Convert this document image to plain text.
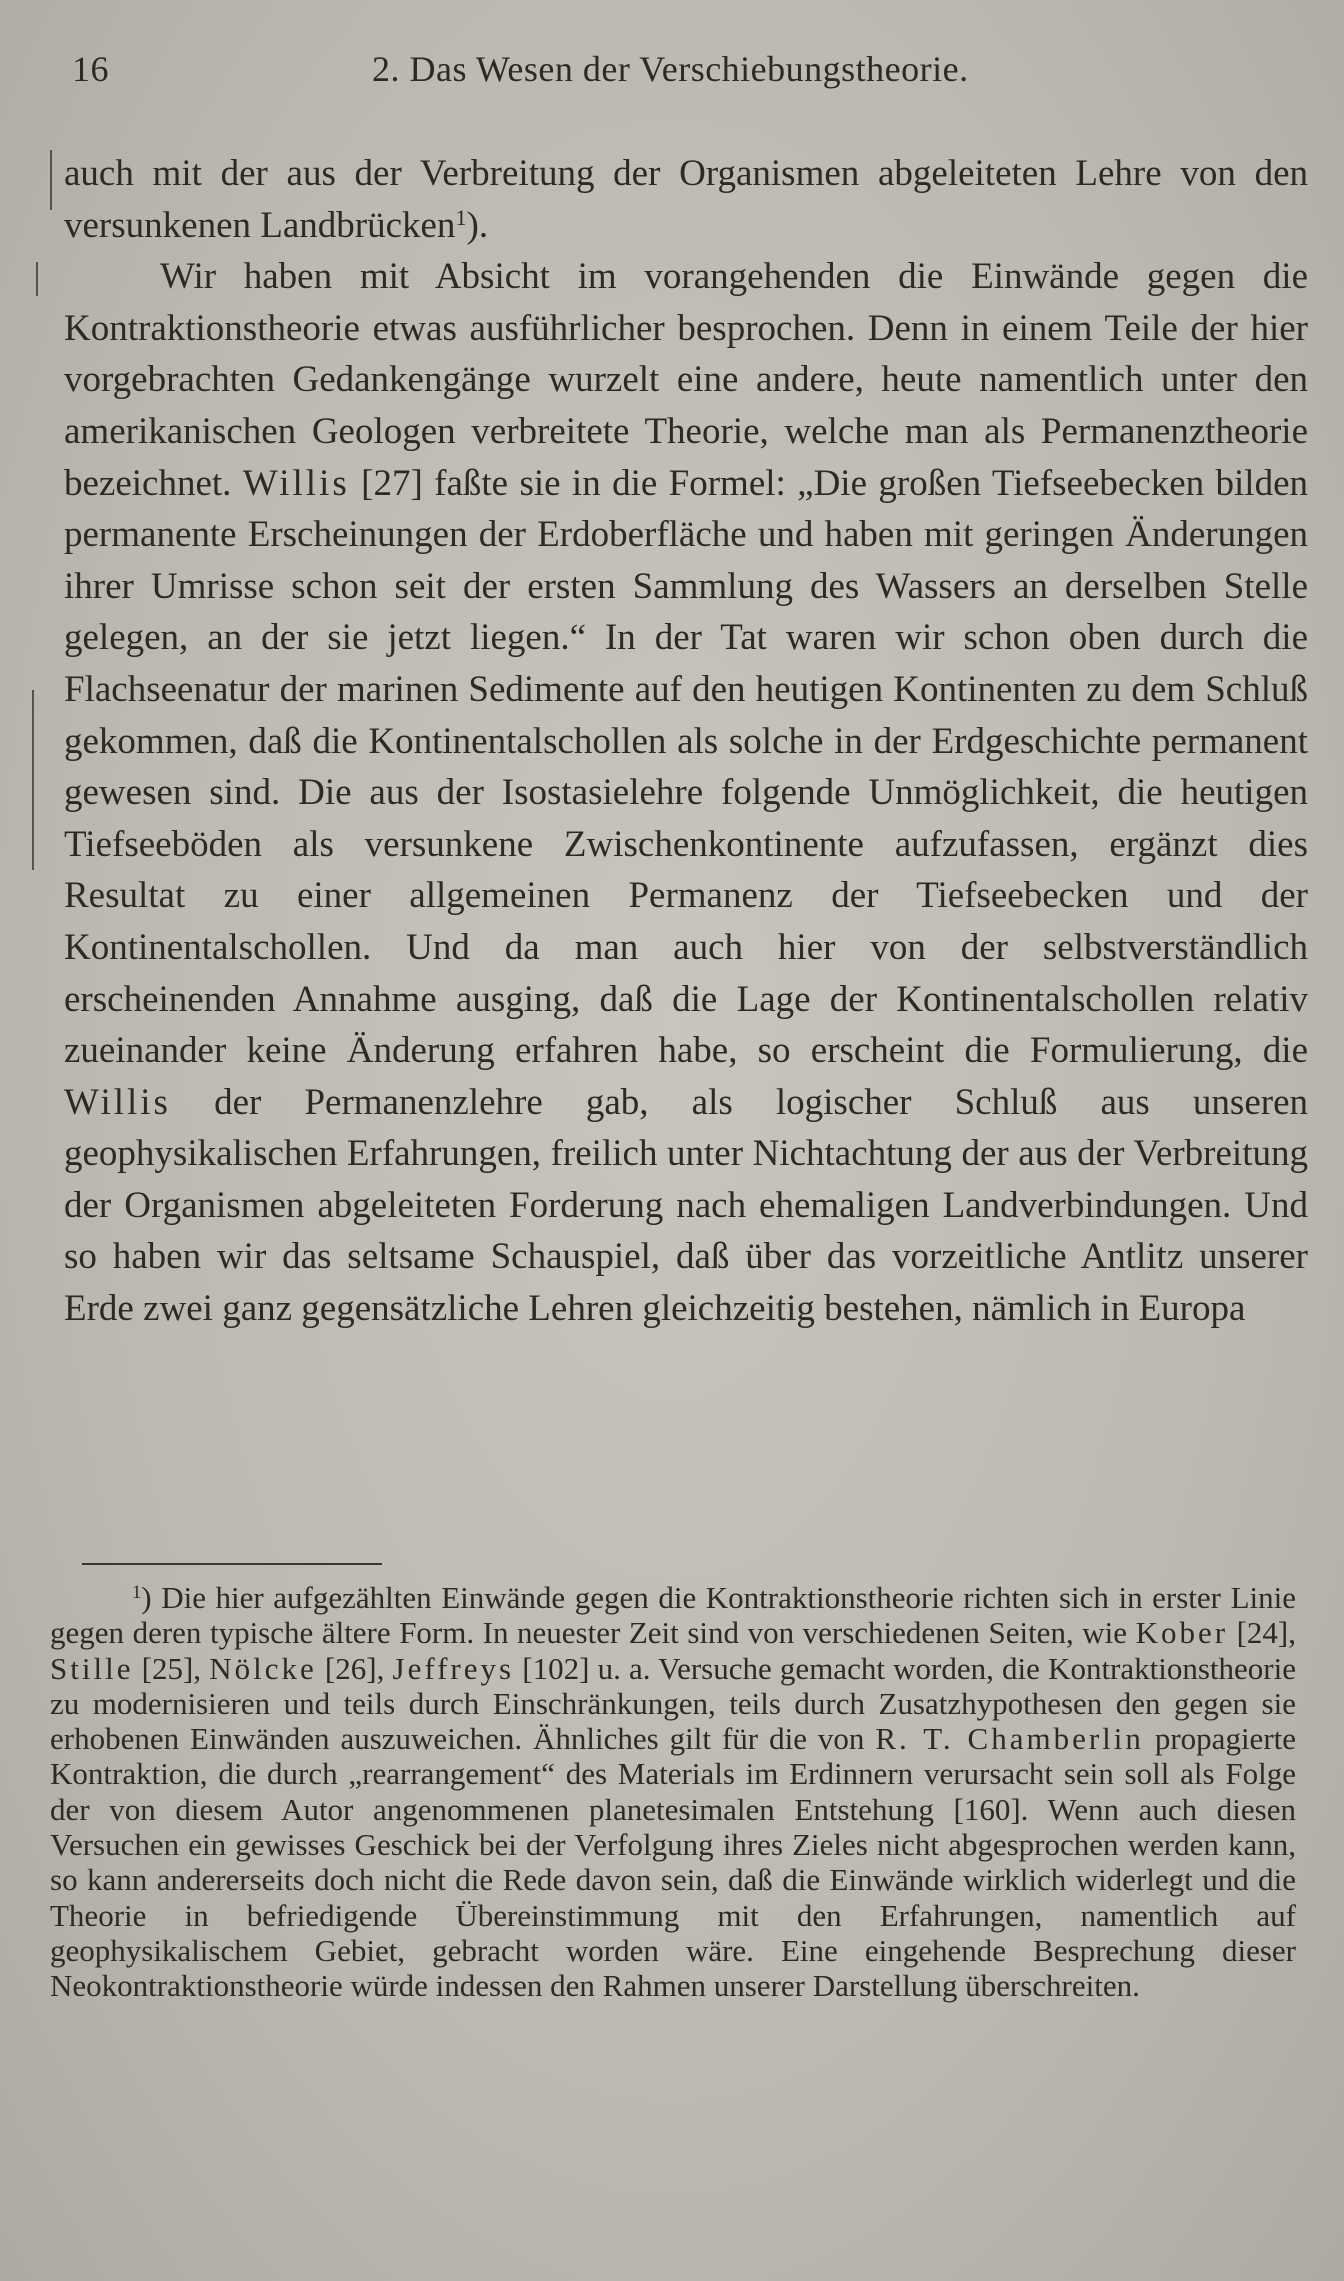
16	2. Das Wesen der Verschiebungstheorie.

auch mit der aus der Verbreitung der Organismen abgeleiteten Lehre von den versunkenen Landbrücken$^1$).

Wir haben mit Absicht im vorangehenden die Einwände gegen die Kontraktionstheorie etwas ausführlicher besprochen. Denn in einem Teile der hier vorgebrachten Gedankengänge wurzelt eine andere, heute namentlich unter den amerikanischen Geologen verbreitete Theorie, welche man als Permanenztheorie bezeichnet. Willis [27] faßte sie in die Formel: „Die großen Tiefseebecken bilden permanente Erscheinungen der Erdoberfläche und haben mit geringen Änderungen ihrer Umrisse schon seit der ersten Sammlung des Wassers an derselben Stelle gelegen, an der sie jetzt liegen.“ In der Tat waren wir schon oben durch die Flachseenatur der marinen Sedimente auf den heutigen Kontinenten zu dem Schluß gekommen, daß die Kontinentalschollen als solche in der Erdgeschichte permanent gewesen sind. Die aus der Isostasielehre folgende Unmöglichkeit, die heutigen Tiefseeböden als versunkene Zwischenkontinente aufzufassen, ergänzt dies Resultat zu einer allgemeinen Permanenz der Tiefseebecken und der Kontinentalschollen. Und da man auch hier von der selbstverständlich erscheinenden Annahme ausging, daß die Lage der Kontinentalschollen relativ zueinander keine Änderung erfahren habe, so erscheint die Formulierung, die Willis der Permanenzlehre gab, als logischer Schluß aus unseren geophysikalischen Erfahrungen, freilich unter Nichtachtung der aus der Verbreitung der Organismen abgeleiteten Forderung nach ehemaligen Landverbindungen. Und so haben wir das seltsame Schauspiel, daß über das vorzeitliche Antlitz unserer Erde zwei ganz gegensätzliche Lehren gleichzeitig bestehen, nämlich in Europa

$^1$) Die hier aufgezählten Einwände gegen die Kontraktionstheorie richten sich in erster Linie gegen deren typische ältere Form. In neuester Zeit sind von verschiedenen Seiten, wie Kober [24], Stille [25], Nölcke [26], Jeffreys [102] u. a. Versuche gemacht worden, die Kontraktionstheorie zu modernisieren und teils durch Einschränkungen, teils durch Zusatzhypothesen den gegen sie erhobenen Einwänden auszuweichen. Ähnliches gilt für die von R. T. Chamberlin propagierte Kontraktion, die durch „rearrangement“ des Materials im Erdinnern verursacht sein soll als Folge der von diesem Autor angenommenen planetesimalen Entstehung [160]. Wenn auch diesen Versuchen ein gewisses Geschick bei der Verfolgung ihres Zieles nicht abgesprochen werden kann, so kann andererseits doch nicht die Rede davon sein, daß die Einwände wirklich widerlegt und die Theorie in befriedigende Übereinstimmung mit den Erfahrungen, namentlich auf geophysikalischem Gebiet, gebracht worden wäre. Eine eingehende Besprechung dieser Neokontraktionstheorie würde indessen den Rahmen unserer Darstellung überschreiten.
